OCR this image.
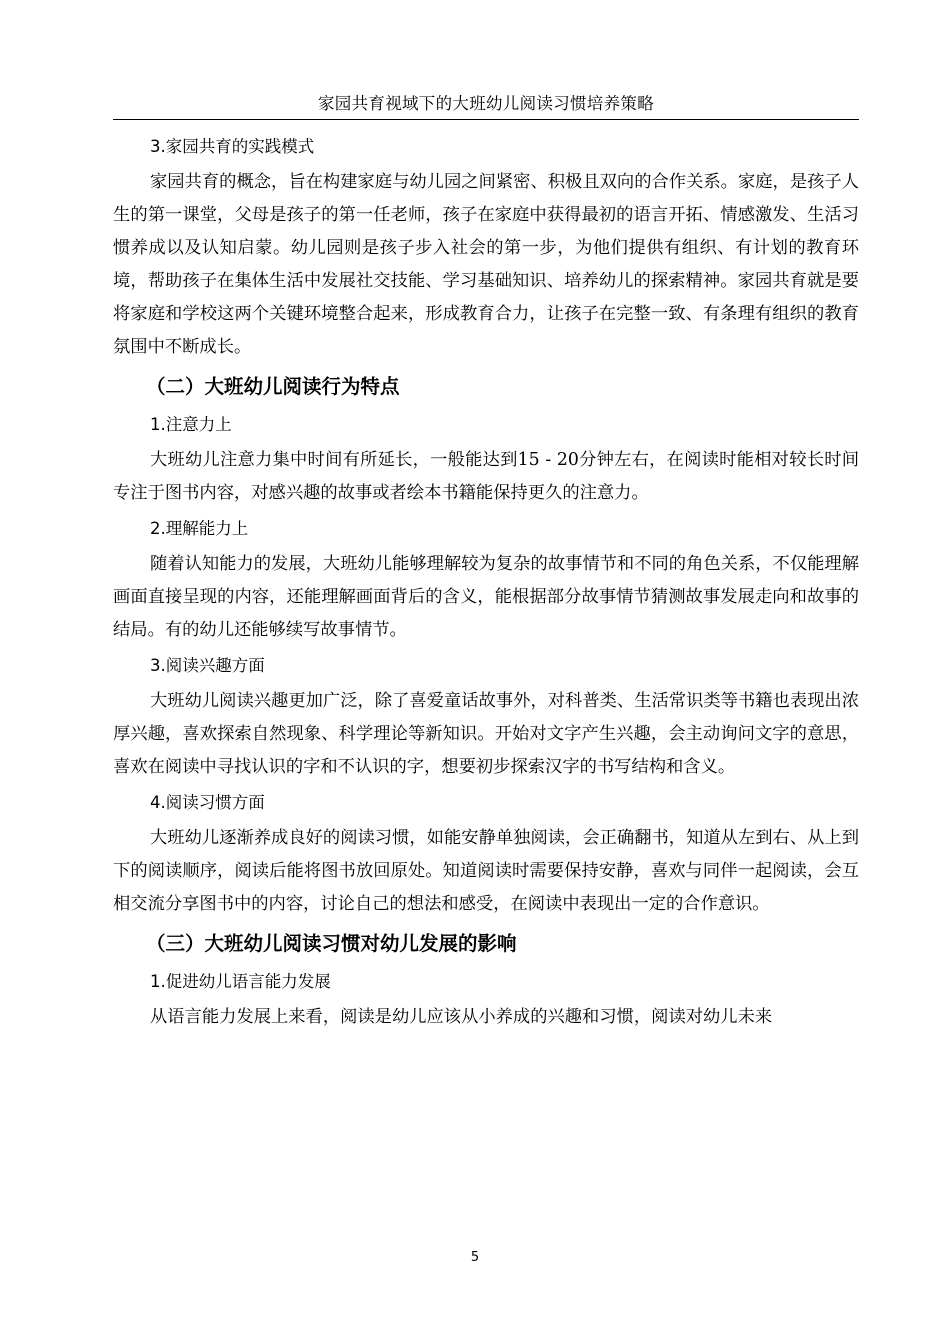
家园共育视域下的大班幼儿阅读习惯培养策略
3.家园共育的实践模式
家园共育的概念，旨在构建家庭与幼儿园之间紧密、积极且双向的合作关系。家庭，是孩子人生的第一课堂，父母是孩子的第一任老师，孩子在家庭中获得最初的语言开拓、情感激发、生活习惯养成以及认知启蒙。幼儿园则是孩子步入社会的第一步，为他们提供有组织、有计划的教育环境，帮助孩子在集体生活中发展社交技能、学习基础知识、培养幼儿的探索精神。家园共育就是要将家庭和学校这两个关键环境整合起来，形成教育合力，让孩子在完整一致、有条理有组织的教育氛围中不断成长。
（二）大班幼儿阅读行为特点
1.注意力上
大班幼儿注意力集中时间有所延长，一般能达到15 - 20分钟左右，在阅读时能相对较长时间专注于图书内容，对感兴趣的故事或者绘本书籍能保持更久的注意力。
2.理解能力上
随着认知能力的发展，大班幼儿能够理解较为复杂的故事情节和不同的角色关系，不仅能理解画面直接呈现的内容，还能理解画面背后的含义，能根据部分故事情节猜测故事发展走向和故事的结局。有的幼儿还能够续写故事情节。
3.阅读兴趣方面
大班幼儿阅读兴趣更加广泛，除了喜爱童话故事外，对科普类、生活常识类等书籍也表现出浓厚兴趣，喜欢探索自然现象、科学理论等新知识。开始对文字产生兴趣，会主动询问文字的意思，喜欢在阅读中寻找认识的字和不认识的字，想要初步探索汉字的书写结构和含义。
4.阅读习惯方面
大班幼儿逐渐养成良好的阅读习惯，如能安静单独阅读，会正确翻书，知道从左到右、从上到下的阅读顺序，阅读后能将图书放回原处。知道阅读时需要保持安静，喜欢与同伴一起阅读，会互相交流分享图书中的内容，讨论自己的想法和感受，在阅读中表现出一定的合作意识。
（三）大班幼儿阅读习惯对幼儿发展的影响
1.促进幼儿语言能力发展
从语言能力发展上来看，阅读是幼儿应该从小养成的兴趣和习惯，阅读对幼儿未来
5
